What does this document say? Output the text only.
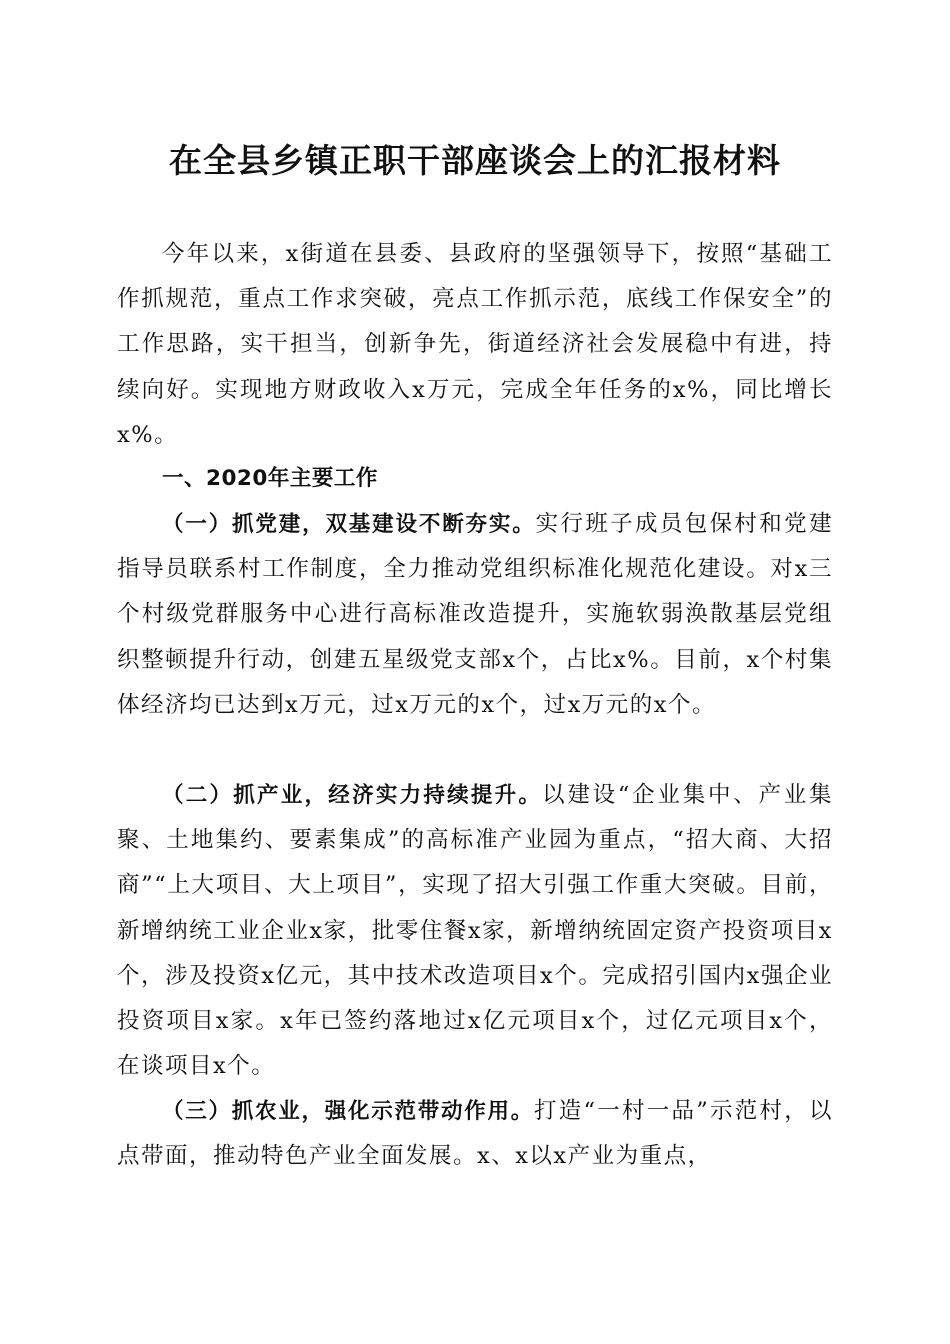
在全县乡镇正职干部座谈会上的汇报材料

今年以来，x街道在县委、县政府的坚强领导下，按照“基础工作抓规范，重点工作求突破，亮点工作抓示范，底线工作保安全”的工作思路，实干担当，创新争先，街道经济社会发展稳中有进，持续向好。实现地方财政收入x万元，完成全年任务的x%，同比增长x%。

一、2020年主要工作

（一）抓党建，双基建设不断夯实。实行班子成员包保村和党建指导员联系村工作制度，全力推动党组织标准化规范化建设。对x三个村级党群服务中心进行高标准改造提升，实施软弱涣散基层党组织整顿提升行动，创建五星级党支部x个，占比x%。目前，x个村集体经济均已达到x万元，过x万元的x个，过x万元的x个。

（二）抓产业，经济实力持续提升。以建设“企业集中、产业集聚、土地集约、要素集成”的高标准产业园为重点，“招大商、大招商”“上大项目、大上项目”，实现了招大引强工作重大突破。目前，新增纳统工业企业x家，批零住餐x家，新增纳统固定资产投资项目x个，涉及投资x亿元，其中技术改造项目x个。完成招引国内x强企业投资项目x家。x年已签约落地过x亿元项目x个，过亿元项目x个，在谈项目x个。

（三）抓农业，强化示范带动作用。打造“一村一品”示范村，以点带面，推动特色产业全面发展。x、x以x产业为重点，
